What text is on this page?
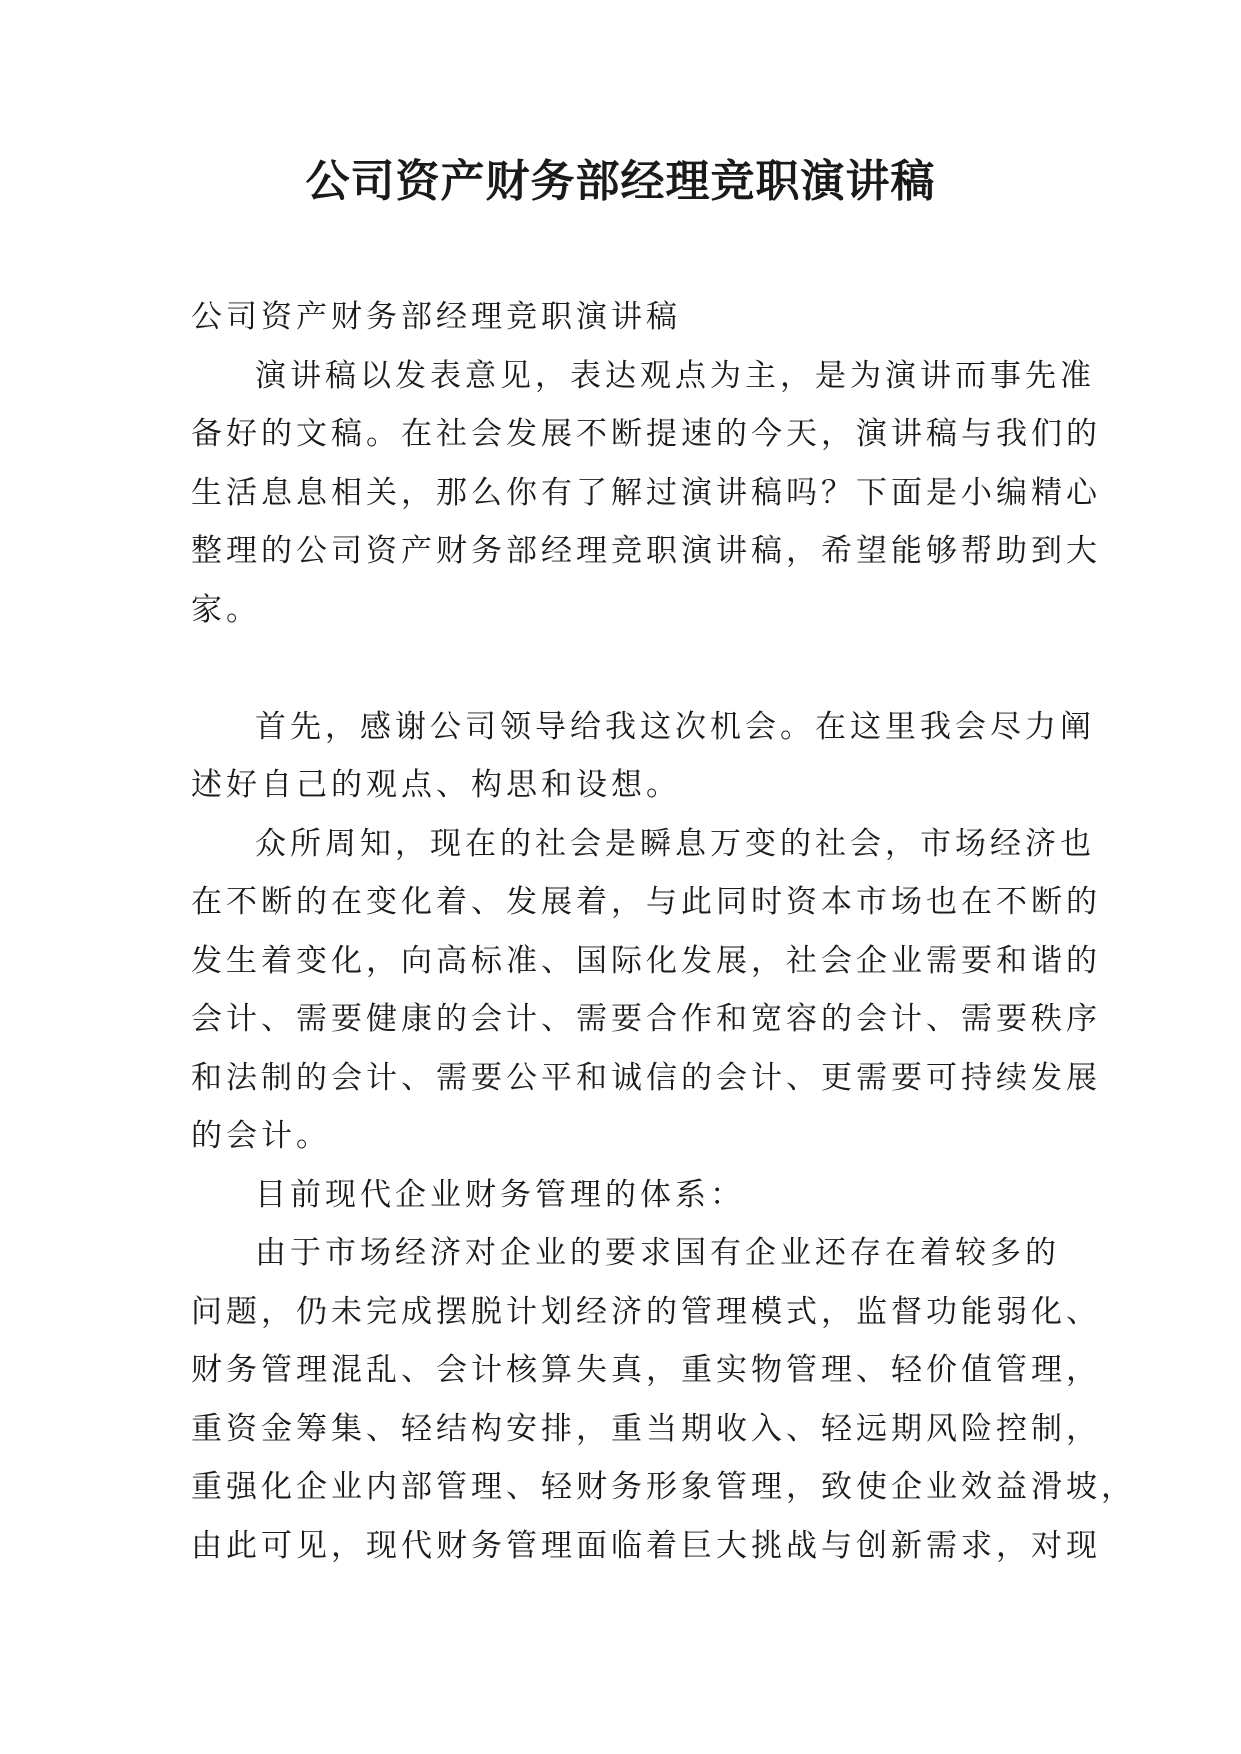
公司资产财务部经理竞职演讲稿
公司资产财务部经理竞职演讲稿
演讲稿以发表意见，表达观点为主，是为演讲而事先准
备好的文稿。在社会发展不断提速的今天，演讲稿与我们的
生活息息相关，那么你有了解过演讲稿吗？下面是小编精心
整理的公司资产财务部经理竞职演讲稿，希望能够帮助到大
家。
首先，感谢公司领导给我这次机会。在这里我会尽力阐
述好自己的观点、构思和设想。
众所周知，现在的社会是瞬息万变的社会，市场经济也
在不断的在变化着、发展着，与此同时资本市场也在不断的
发生着变化，向高标准、国际化发展，社会企业需要和谐的
会计、需要健康的会计、需要合作和宽容的会计、需要秩序
和法制的会计、需要公平和诚信的会计、更需要可持续发展
的会计。
目前现代企业财务管理的体系：
由于市场经济对企业的要求国有企业还存在着较多的
问题，仍未完成摆脱计划经济的管理模式，监督功能弱化、
财务管理混乱、会计核算失真，重实物管理、轻价值管理，
重资金筹集、轻结构安排，重当期收入、轻远期风险控制，
重强化企业内部管理、轻财务形象管理，致使企业效益滑坡，
由此可见，现代财务管理面临着巨大挑战与创新需求，对现
